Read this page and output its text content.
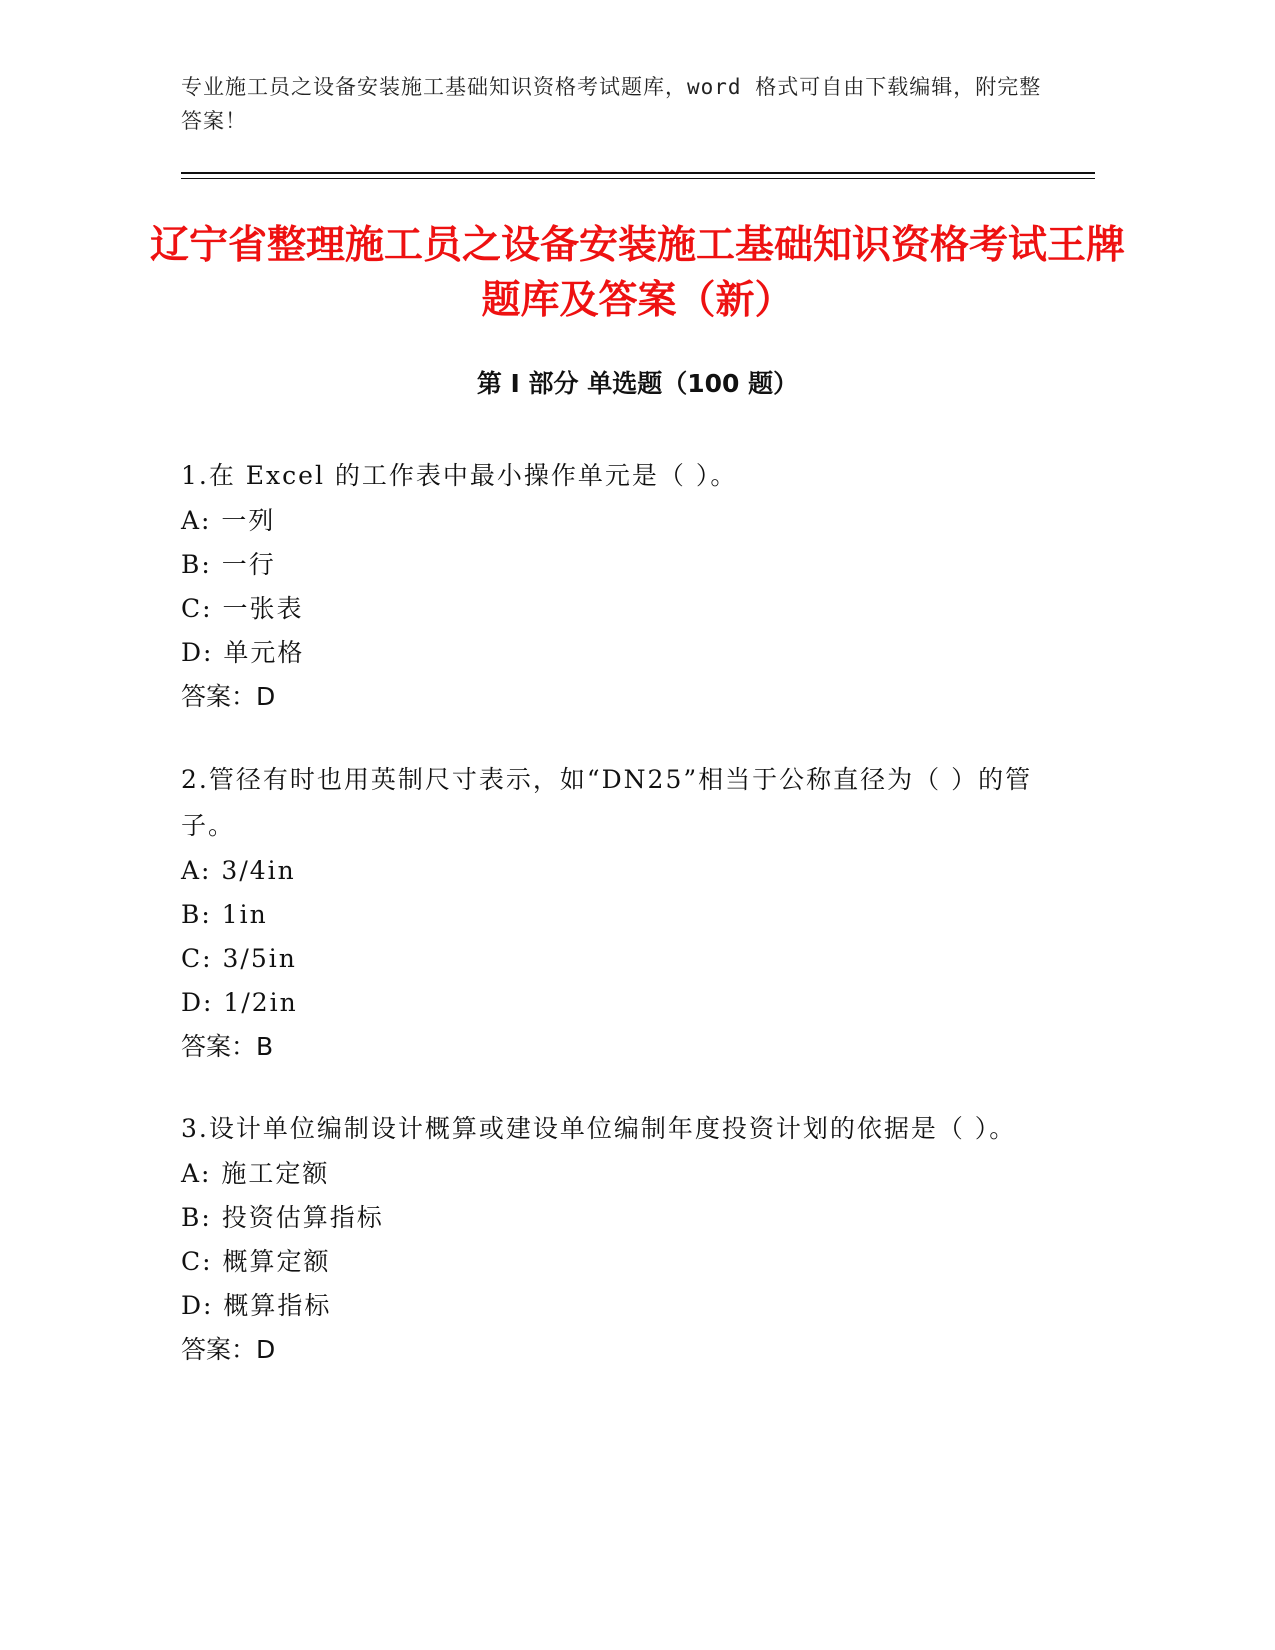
专业施工员之设备安装施工基础知识资格考试题库，word 格式可自由下载编辑，附完整答案！

辽宁省整理施工员之设备安装施工基础知识资格考试王牌题库及答案（新）
第 I 部分 单选题（100 题）

1.在 Excel 的工作表中最小操作单元是（ ）。

A: 一列

B: 一行

C: 一张表

D: 单元格

答案：D

2.管径有时也用英制尺寸表示，如“DN25”相当于公称直径为（ ）的管子。

A: 3/4in

B: 1in

C: 3/5in

D: 1/2in

答案：B

3.设计单位编制设计概算或建设单位编制年度投资计划的依据是（ ）。

A: 施工定额

B: 投资估算指标

C: 概算定额

D: 概算指标

答案：D
